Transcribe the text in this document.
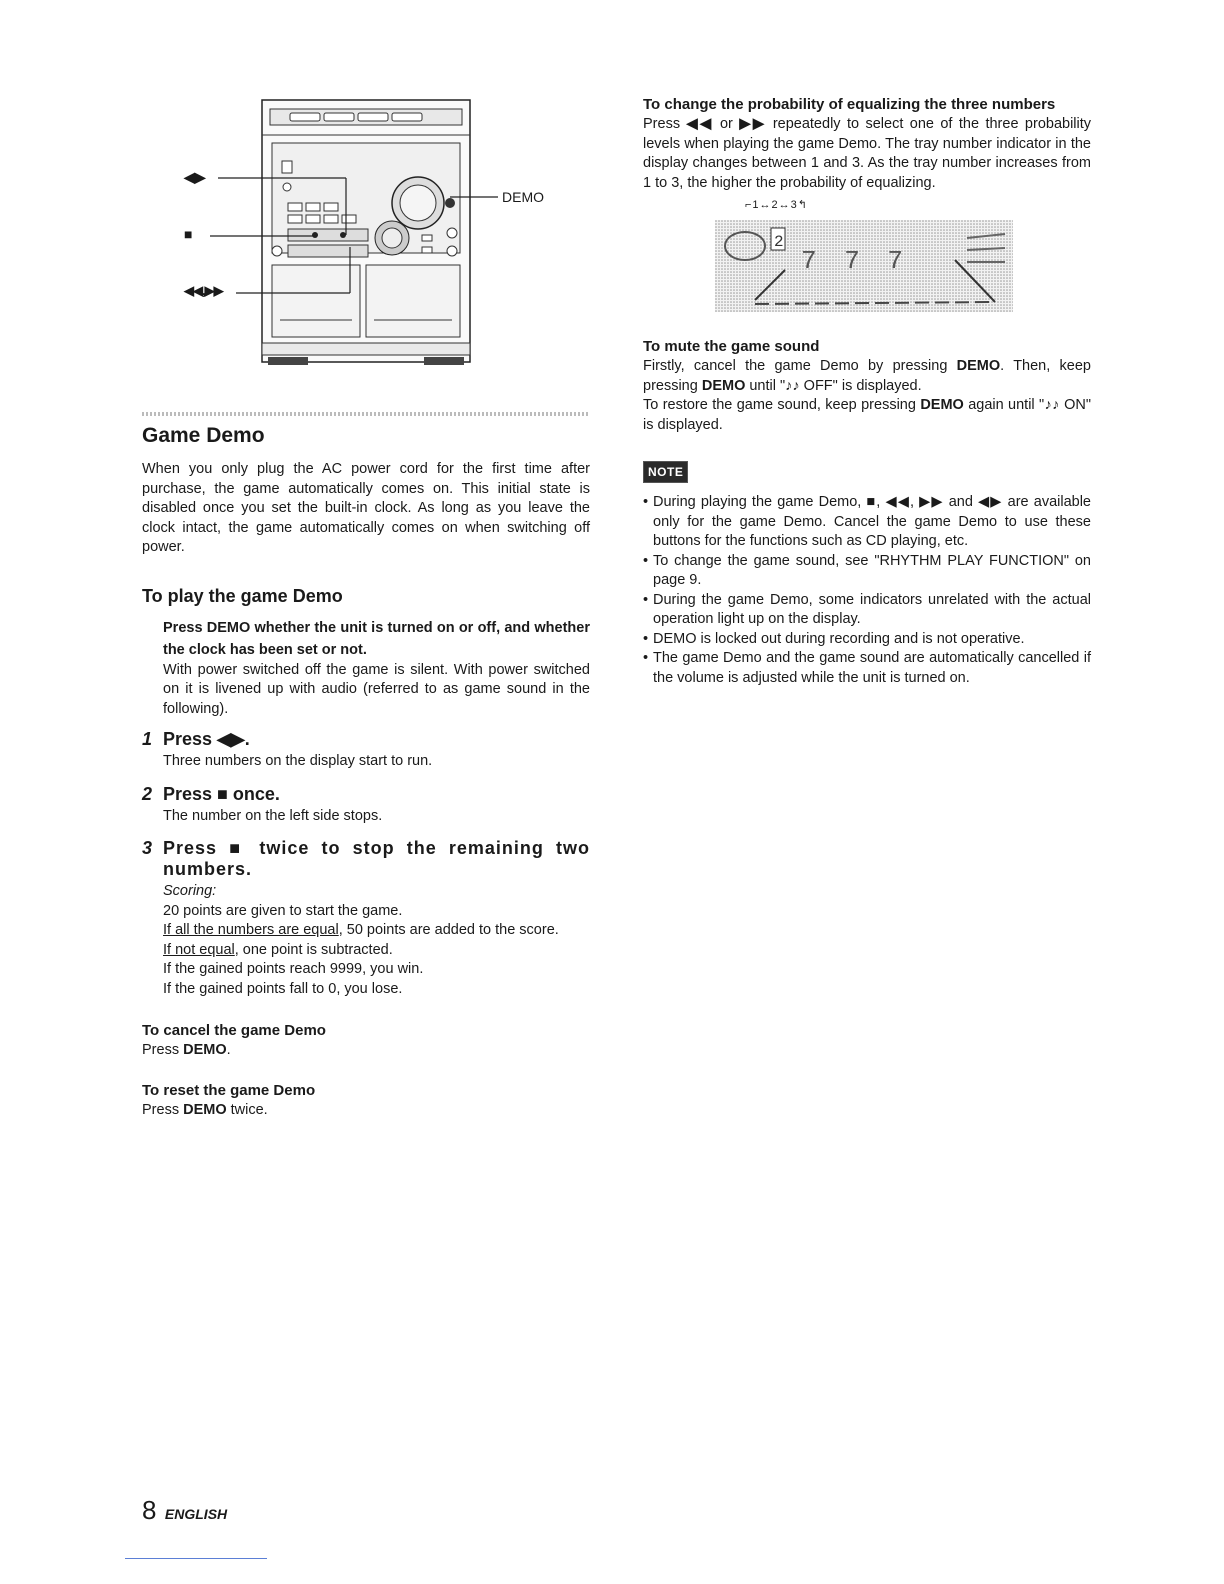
◀▶
■
◀◀,▶▶
DEMO
Game Demo

When you only plug the AC power cord for the first time after purchase, the game automatically comes on. This initial state is disabled once you set the built-in clock. As long as you leave the clock intact, the game automatically comes on when switching off power.

To play the game Demo

Press DEMO whether the unit is turned on or off, and whether the clock has been set or not.

With power switched off the game is silent. With power switched on it is livened up with audio (referred to as game sound in the following).

1 Press ◀▶.

Three numbers on the display start to run.

2 Press ■ once.

The number on the left side stops.

3 Press ■ twice to stop the remaining two numbers.

Scoring:

20 points are given to start the game.

If all the numbers are equal, 50 points are added to the score.

If not equal, one point is subtracted.

If the gained points reach 9999, you win.

If the gained points fall to 0, you lose.

To cancel the game Demo

Press DEMO.

To reset the game Demo

Press DEMO twice.

To change the probability of equalizing the three numbers

Press ◀◀ or ▶▶ repeatedly to select one of the three probability levels when playing the game Demo. The tray number indicator in the display changes between 1 and 3. As the tray number increases from 1 to 3, the higher the probability of equalizing.

⌐1↔2↔3↰
2
7 7 7
To mute the game sound

Firstly, cancel the game Demo by pressing DEMO. Then, keep pressing DEMO until "♪♪ OFF" is displayed.

To restore the game sound, keep pressing DEMO again until "♪♪ ON" is displayed.

NOTE
• During playing the game Demo, ■, ◀◀, ▶▶ and ◀▶ are available only for the game Demo. Cancel the game Demo to use these buttons for the functions such as CD playing, etc.
• To change the game sound, see "RHYTHM PLAY FUNCTION" on page 9.
• During the game Demo, some indicators unrelated with the actual operation light up on the display.
• DEMO is locked out during recording and is not operative.
• The game Demo and the game sound are automatically cancelled if the volume is adjusted while the unit is turned on.
8 ENGLISH
